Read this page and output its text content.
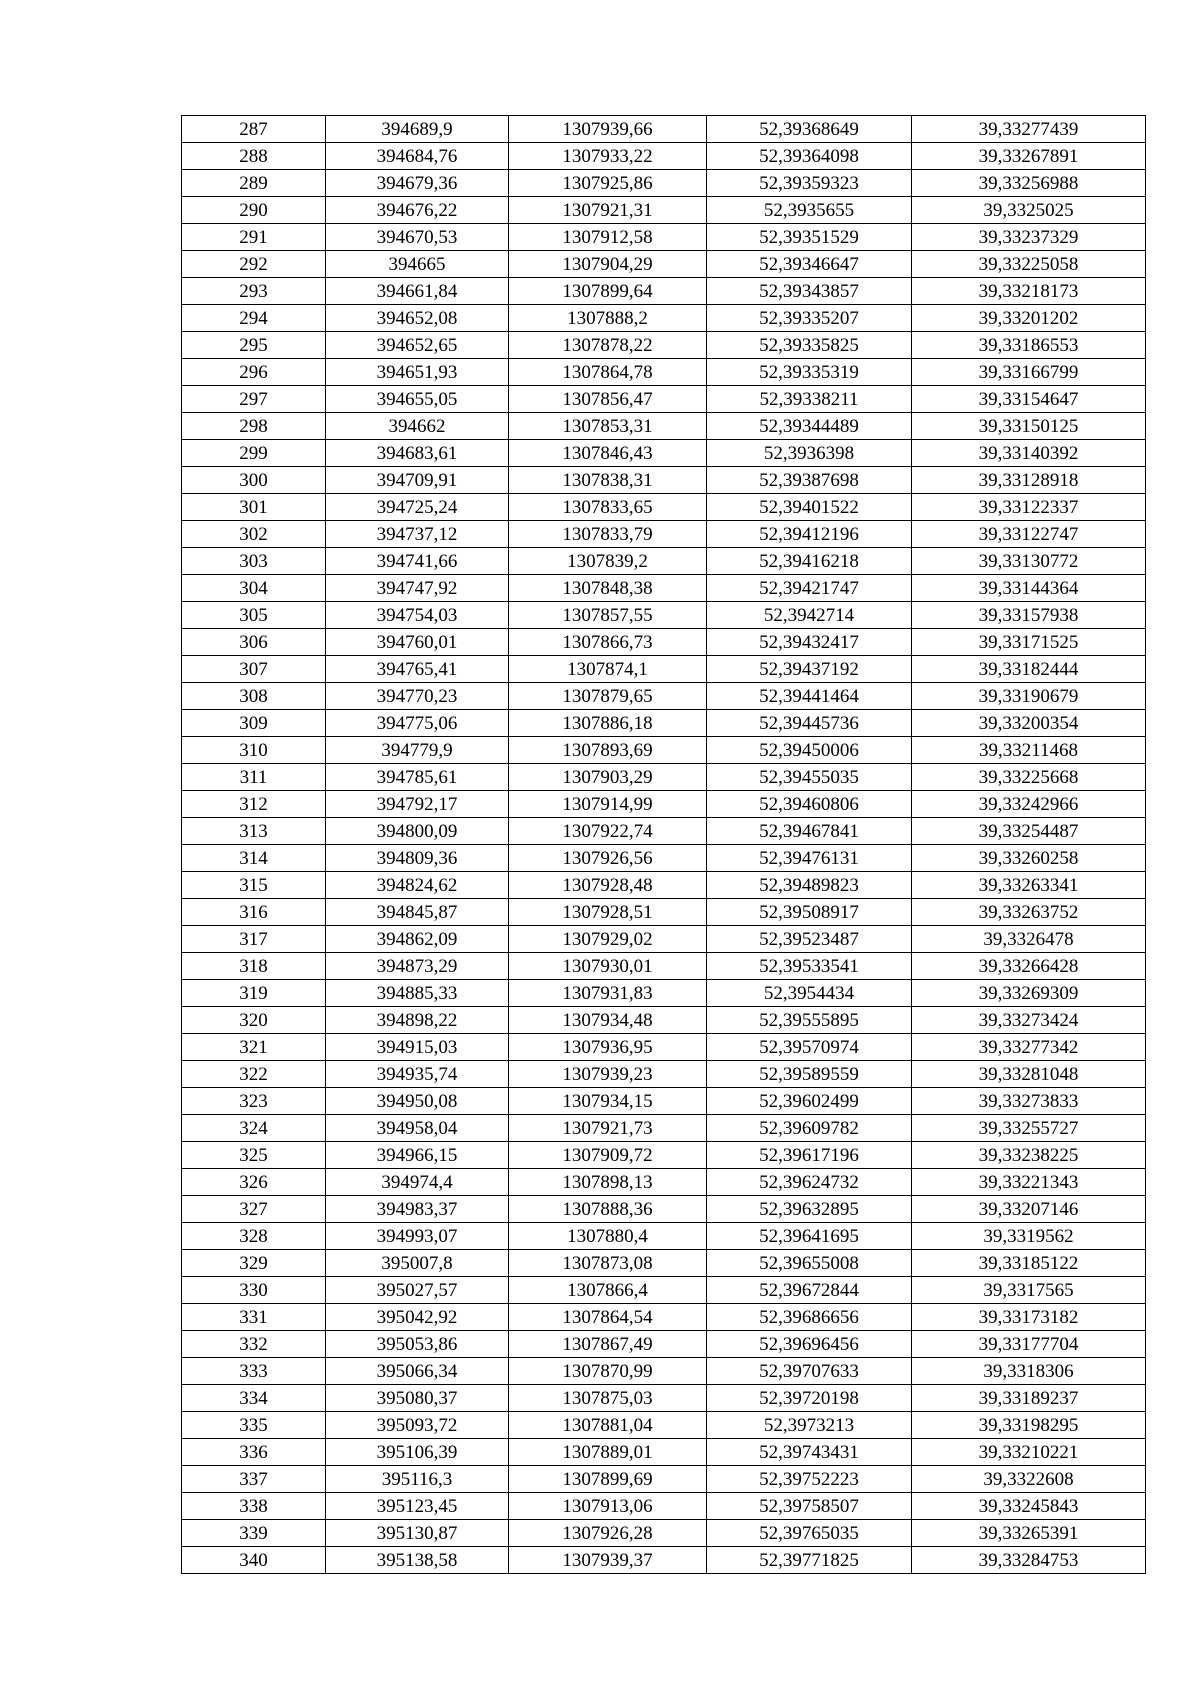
287	394689,9	1307939,66	52,39368649	39,33277439
288	394684,76	1307933,22	52,39364098	39,33267891
289	394679,36	1307925,86	52,39359323	39,33256988
290	394676,22	1307921,31	52,3935655	39,3325025
291	394670,53	1307912,58	52,39351529	39,33237329
292	394665	1307904,29	52,39346647	39,33225058
293	394661,84	1307899,64	52,39343857	39,33218173
294	394652,08	1307888,2	52,39335207	39,33201202
295	394652,65	1307878,22	52,39335825	39,33186553
296	394651,93	1307864,78	52,39335319	39,33166799
297	394655,05	1307856,47	52,39338211	39,33154647
298	394662	1307853,31	52,39344489	39,33150125
299	394683,61	1307846,43	52,3936398	39,33140392
300	394709,91	1307838,31	52,39387698	39,33128918
301	394725,24	1307833,65	52,39401522	39,33122337
302	394737,12	1307833,79	52,39412196	39,33122747
303	394741,66	1307839,2	52,39416218	39,33130772
304	394747,92	1307848,38	52,39421747	39,33144364
305	394754,03	1307857,55	52,3942714	39,33157938
306	394760,01	1307866,73	52,39432417	39,33171525
307	394765,41	1307874,1	52,39437192	39,33182444
308	394770,23	1307879,65	52,39441464	39,33190679
309	394775,06	1307886,18	52,39445736	39,33200354
310	394779,9	1307893,69	52,39450006	39,33211468
311	394785,61	1307903,29	52,39455035	39,33225668
312	394792,17	1307914,99	52,39460806	39,33242966
313	394800,09	1307922,74	52,39467841	39,33254487
314	394809,36	1307926,56	52,39476131	39,33260258
315	394824,62	1307928,48	52,39489823	39,33263341
316	394845,87	1307928,51	52,39508917	39,33263752
317	394862,09	1307929,02	52,39523487	39,3326478
318	394873,29	1307930,01	52,39533541	39,33266428
319	394885,33	1307931,83	52,3954434	39,33269309
320	394898,22	1307934,48	52,39555895	39,33273424
321	394915,03	1307936,95	52,39570974	39,33277342
322	394935,74	1307939,23	52,39589559	39,33281048
323	394950,08	1307934,15	52,39602499	39,33273833
324	394958,04	1307921,73	52,39609782	39,33255727
325	394966,15	1307909,72	52,39617196	39,33238225
326	394974,4	1307898,13	52,39624732	39,33221343
327	394983,37	1307888,36	52,39632895	39,33207146
328	394993,07	1307880,4	52,39641695	39,3319562
329	395007,8	1307873,08	52,39655008	39,33185122
330	395027,57	1307866,4	52,39672844	39,3317565
331	395042,92	1307864,54	52,39686656	39,33173182
332	395053,86	1307867,49	52,39696456	39,33177704
333	395066,34	1307870,99	52,39707633	39,3318306
334	395080,37	1307875,03	52,39720198	39,33189237
335	395093,72	1307881,04	52,3973213	39,33198295
336	395106,39	1307889,01	52,39743431	39,33210221
337	395116,3	1307899,69	52,39752223	39,3322608
338	395123,45	1307913,06	52,39758507	39,33245843
339	395130,87	1307926,28	52,39765035	39,33265391
340	395138,58	1307939,37	52,39771825	39,33284753
